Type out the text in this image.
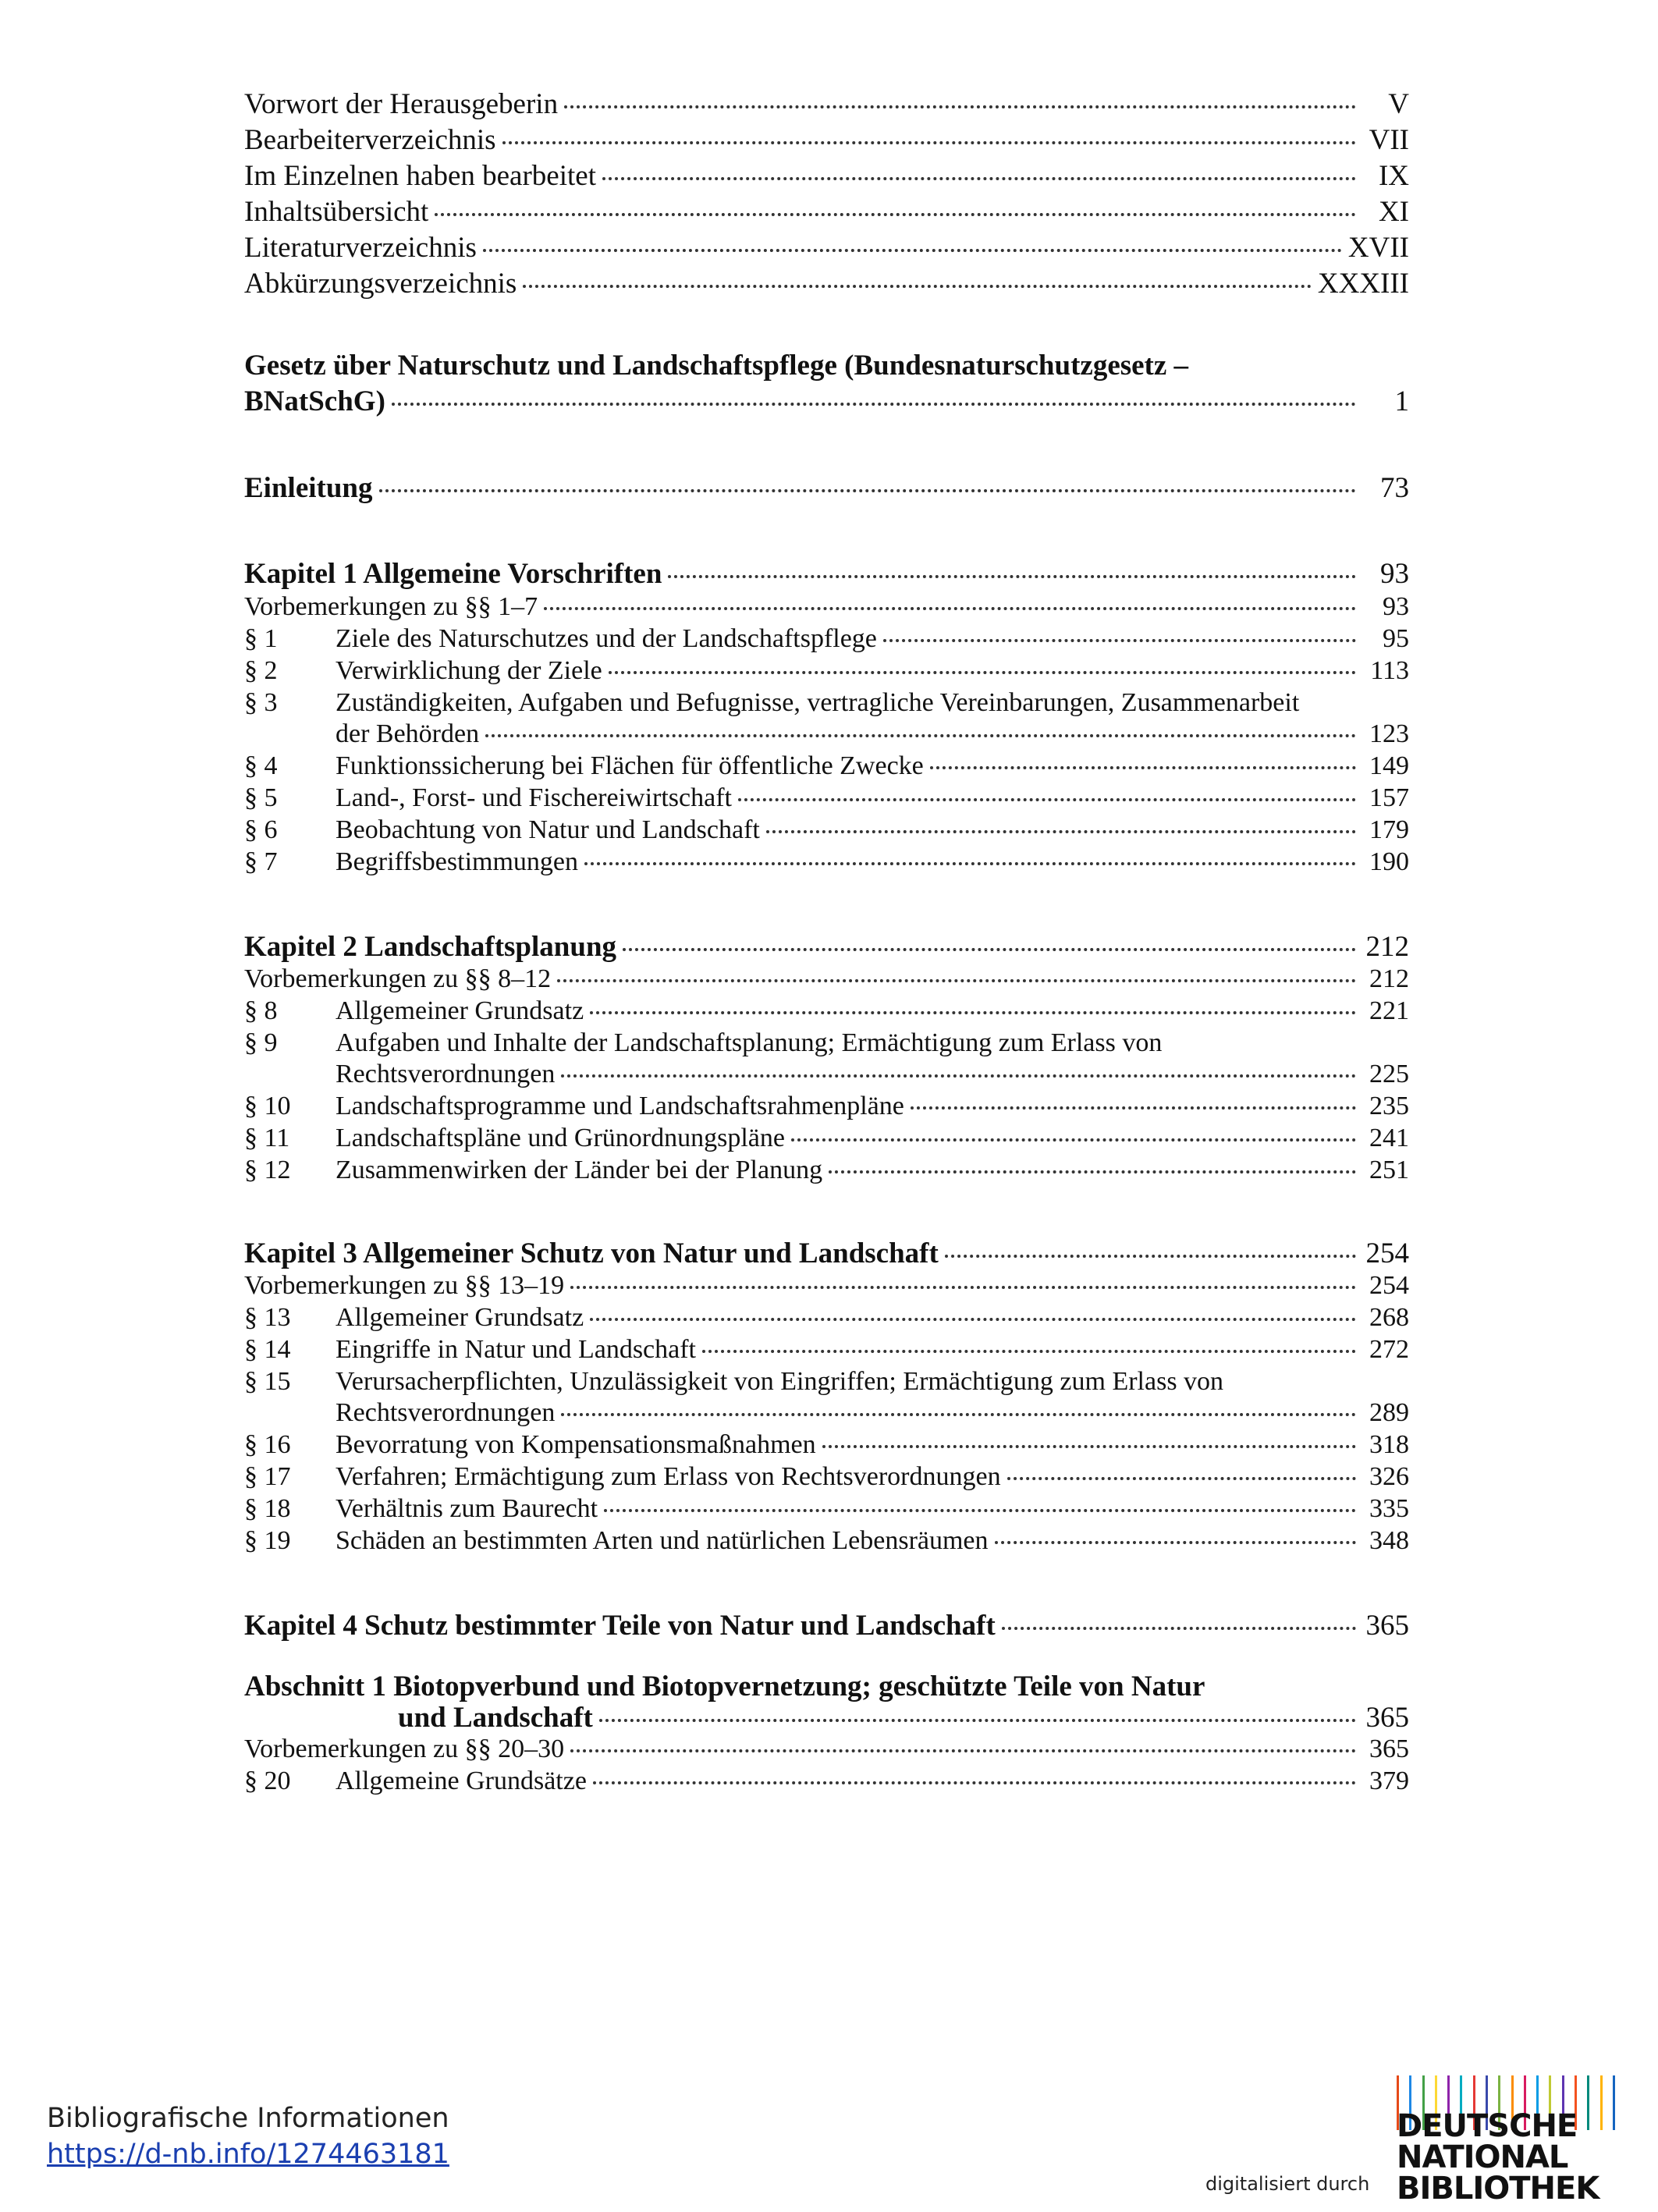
Vorwort der Herausgeberin	V
Bearbeiterverzeichnis	VII
Im Einzelnen haben bearbeitet	IX
Inhaltsübersicht	XI
Literaturverzeichnis	XVII
Abkürzungsverzeichnis	XXXIII
Gesetz über Naturschutz und Landschaftspflege (Bundesnaturschutzgesetz –
BNatSchG)	1
Einleitung	73
Kapitel 1 Allgemeine Vorschriften	93
Vorbemerkungen zu §§ 1–7	93
§ 1 Ziele des Naturschutzes und der Landschaftspflege	95
§ 2 Verwirklichung der Ziele	113
§ 3 Zuständigkeiten, Aufgaben und Befugnisse, vertragliche Vereinbarungen, Zusammenarbeit
der Behörden	123
§ 4 Funktionssicherung bei Flächen für öffentliche Zwecke	149
§ 5 Land-, Forst- und Fischereiwirtschaft	157
§ 6 Beobachtung von Natur und Landschaft	179
§ 7 Begriffsbestimmungen	190
Kapitel 2 Landschaftsplanung	212
Vorbemerkungen zu §§ 8–12	212
§ 8 Allgemeiner Grundsatz	221
§ 9 Aufgaben und Inhalte der Landschaftsplanung; Ermächtigung zum Erlass von
Rechtsverordnungen	225
§ 10 Landschaftsprogramme und Landschaftsrahmenpläne	235
§ 11 Landschaftspläne und Grünordnungspläne	241
§ 12 Zusammenwirken der Länder bei der Planung	251
Kapitel 3 Allgemeiner Schutz von Natur und Landschaft	254
Vorbemerkungen zu §§ 13–19	254
§ 13 Allgemeiner Grundsatz	268
§ 14 Eingriffe in Natur und Landschaft	272
§ 15 Verursacherpflichten, Unzulässigkeit von Eingriffen; Ermächtigung zum Erlass von
Rechtsverordnungen	289
§ 16 Bevorratung von Kompensationsmaßnahmen	318
§ 17 Verfahren; Ermächtigung zum Erlass von Rechtsverordnungen	326
§ 18 Verhältnis zum Baurecht	335
§ 19 Schäden an bestimmten Arten und natürlichen Lebensräumen	348
Kapitel 4 Schutz bestimmter Teile von Natur und Landschaft	365
Abschnitt 1 Biotopverbund und Biotopvernetzung; geschützte Teile von Natur
und Landschaft	365
Vorbemerkungen zu §§ 20–30	365
§ 20 Allgemeine Grundsätze	379
Bibliografische Informationen
https://d-nb.info/1274463181
digitalisiert durch
DEUTSCHE
NATIONAL
BIBLIOTHEK
